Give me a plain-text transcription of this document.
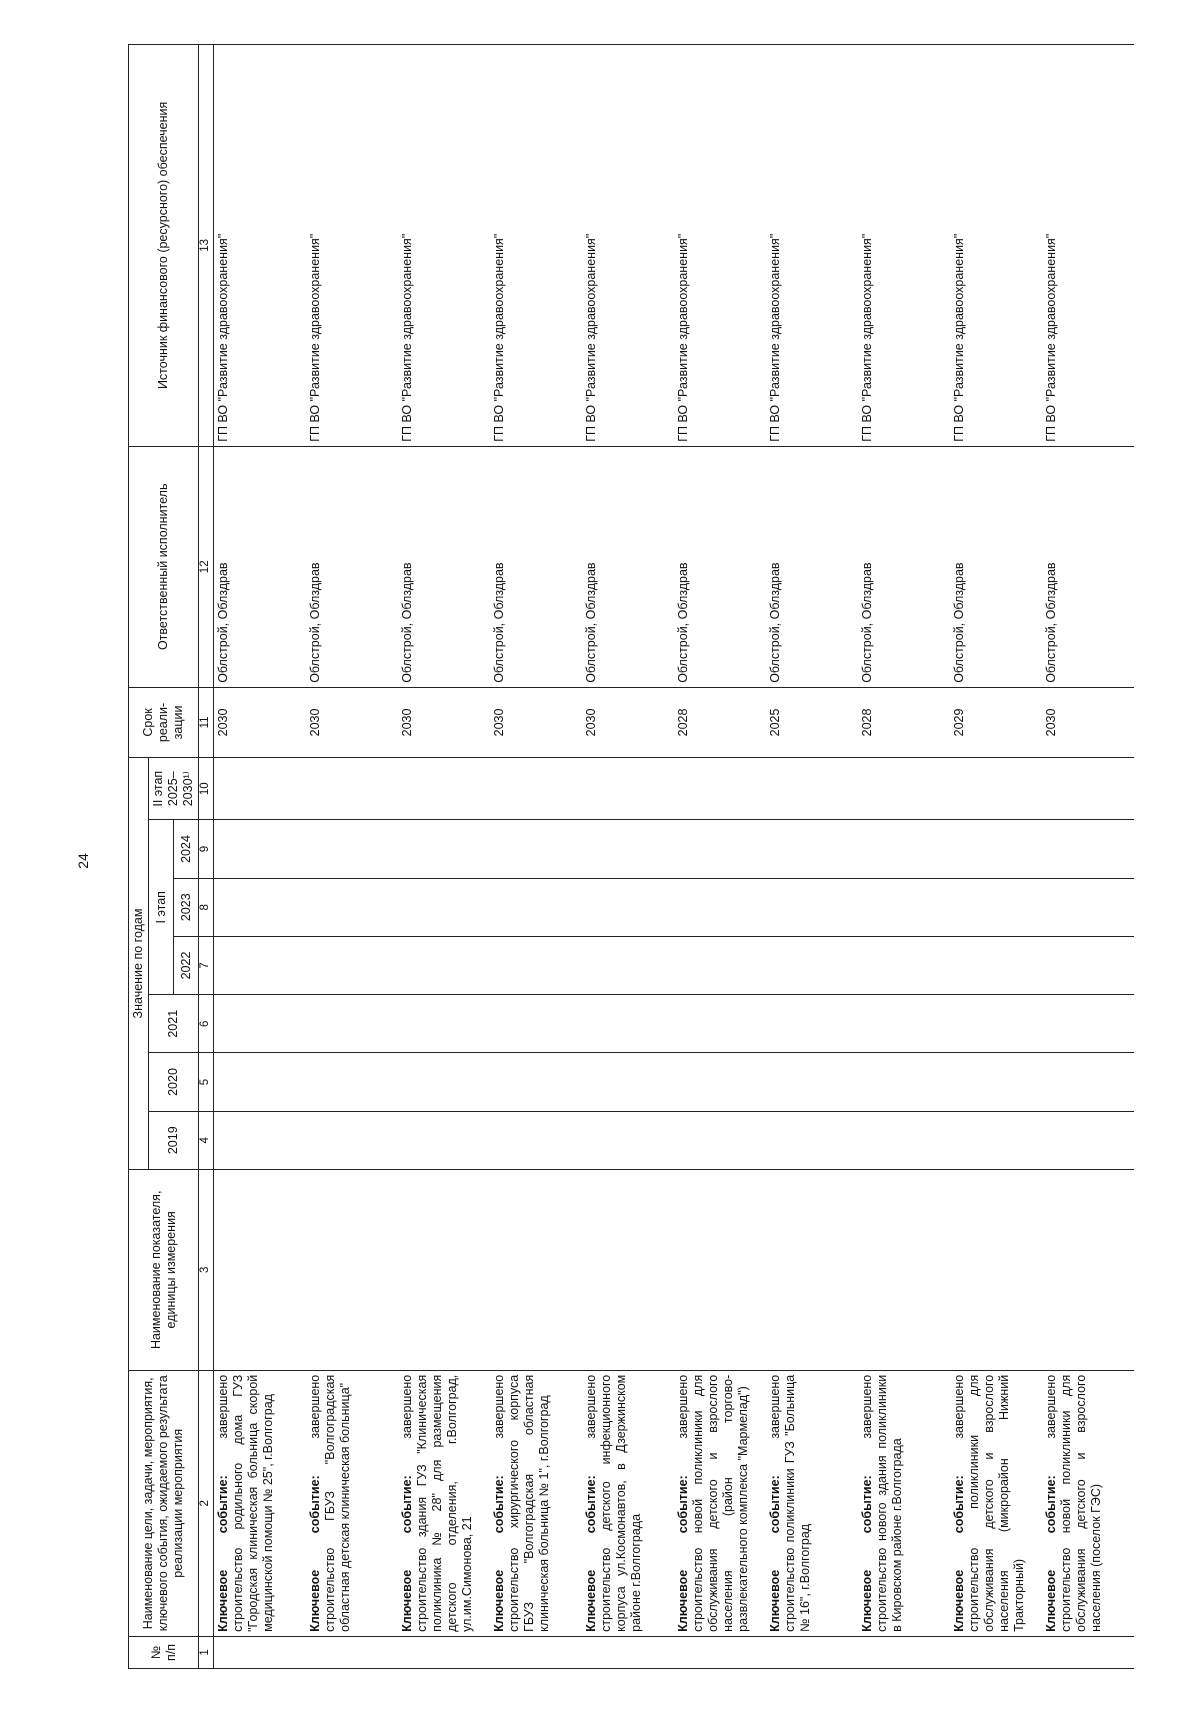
24
№ п/п	Наименование цели, задачи, мероприятия, ключевого события, ожидаемого результата реализации мероприятия	Наименование показателя, единицы измерения	Значение по годам							Срок реали- зации	Ответственный исполнитель	Источник финансового (ресурсного) обеспечения
			2019	2020	2021	I этап			II этап 2025– 2030¹⁾			
						2022	2023	2024				
1	2	3	4	5	6	7	8	9	10	11	12	13
	Ключевое событие: завершено строительство родильного дома ГУЗ "Городская клиническая больница скорой медицинской помощи № 25", г.Волгоград									2030	Облстрой, Облздрав	ГП ВО "Развитие здравоохранения"
	Ключевое событие: завершено строительство ГБУЗ "Волгоградская областная детская клиническая больница"									2030	Облстрой, Облздрав	ГП ВО "Развитие здравоохранения"
	Ключевое событие: завершено строительство здания ГУЗ "Клиническая поликлиника № 28" для размещения детского отделения, г.Волгоград, ул.им.Симонова, 21									2030	Облстрой, Облздрав	ГП ВО "Развитие здравоохранения"
	Ключевое событие: завершено строительство хирургического корпуса ГБУЗ "Волгоградская областная клиническая больница № 1", г.Волгоград									2030	Облстрой, Облздрав	ГП ВО "Развитие здравоохранения"
	Ключевое событие: завершено строительство детского инфекционного корпуса ул.Космонавтов, в Дзержинском районе г.Волгограда									2030	Облстрой, Облздрав	ГП ВО "Развитие здравоохранения"
	Ключевое событие: завершено строительство новой поликлиники для обслуживания детского и взрослого населения (район торгово-развлекательного комплекса "Мармелад")									2028	Облстрой, Облздрав	ГП ВО "Развитие здравоохранения"
	Ключевое событие: завершено строительство поликлиники ГУЗ "Больница № 16", г.Волгоград									2025	Облстрой, Облздрав	ГП ВО "Развитие здравоохранения"
	Ключевое событие: завершено строительство нового здания поликлиники в Кировском районе г.Волгограда									2028	Облстрой, Облздрав	ГП ВО "Развитие здравоохранения"
	Ключевое событие: завершено строительство поликлиники для обслуживания детского и взрослого населения (микрорайон Нижний Тракторный)									2029	Облстрой, Облздрав	ГП ВО "Развитие здравоохранения"
	Ключевое событие: завершено строительство новой поликлиники для обслуживания детского и взрослого населения (поселок ГЭС)									2030	Облстрой, Облздрав	ГП ВО "Развитие здравоохранения"
